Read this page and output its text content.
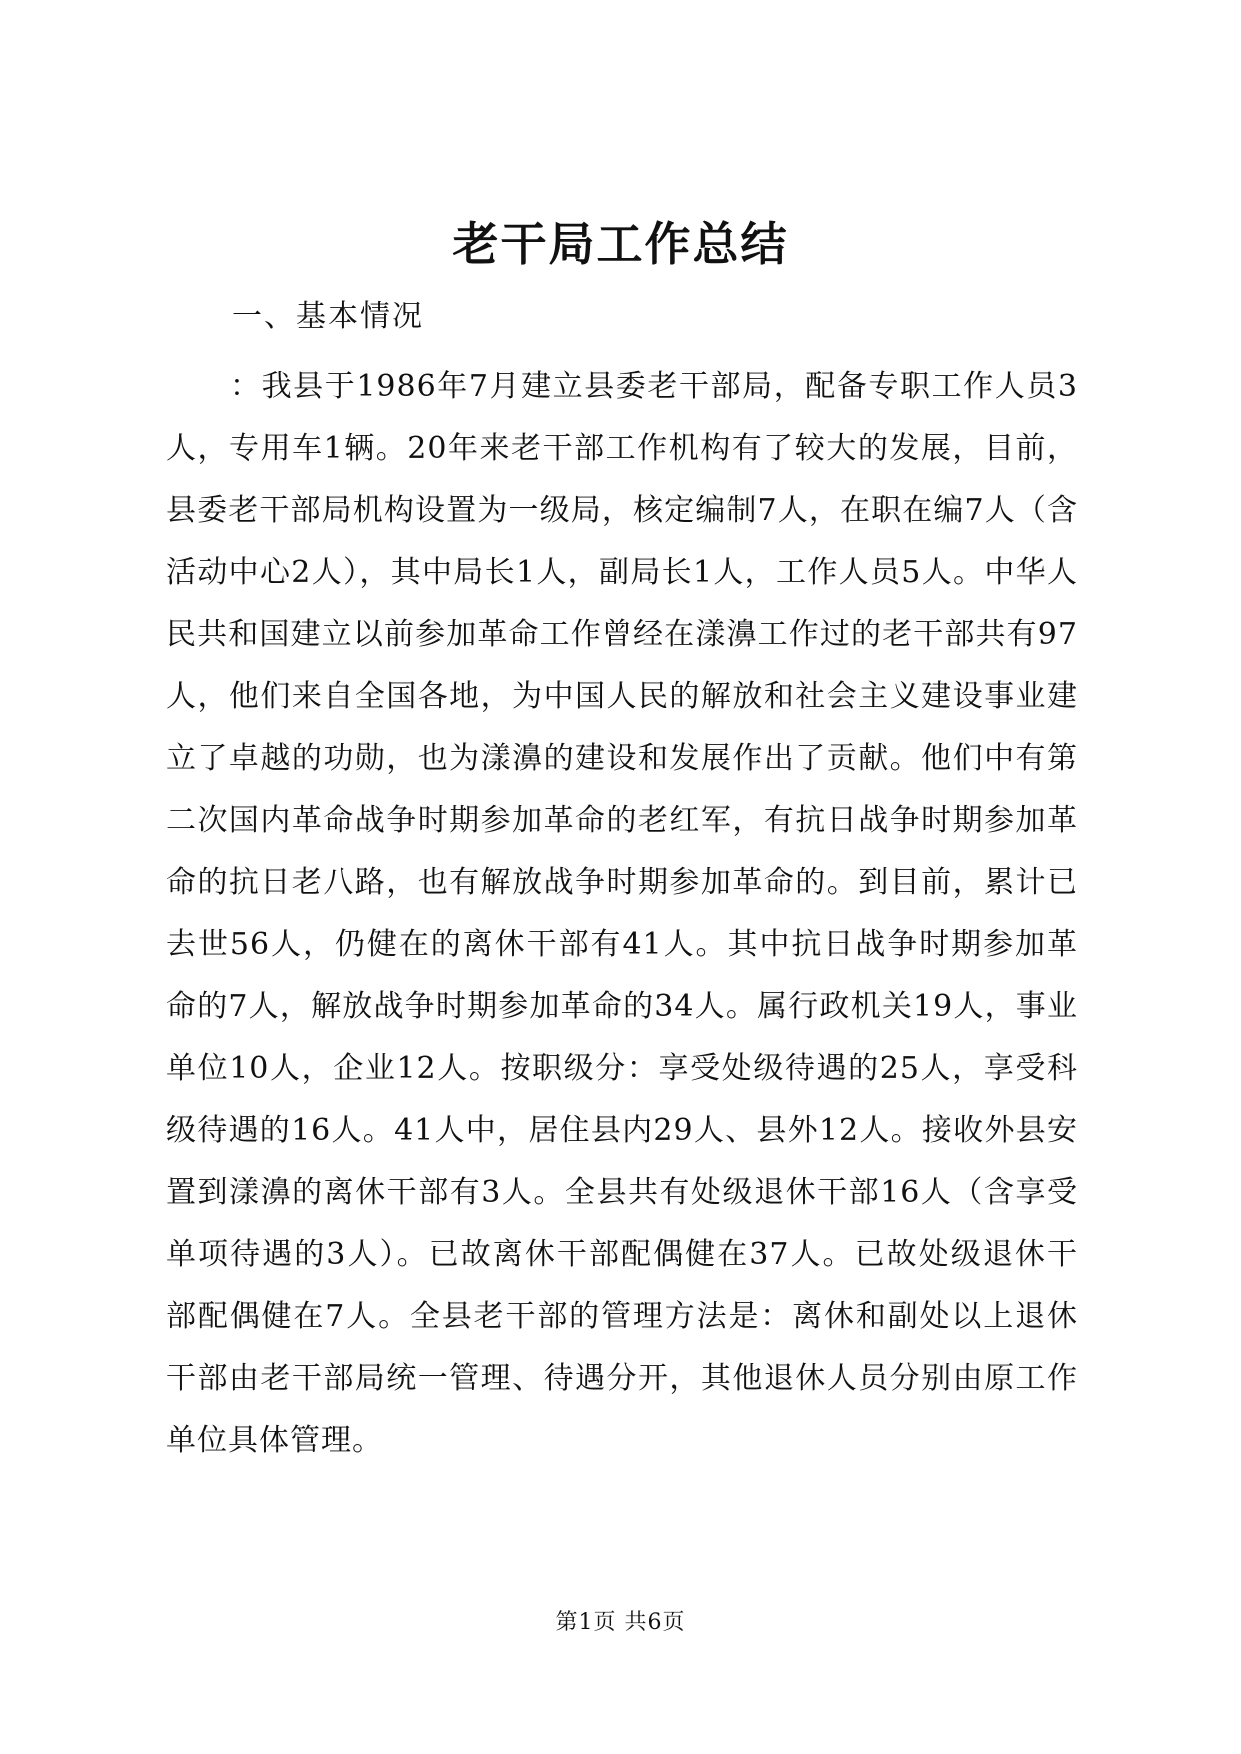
老干局工作总结
一、基本情况

：我县于1986年7月建立县委老干部局，配备专职工作人员3人，专用车1辆。20年来老干部工作机构有了较大的发展，目前，县委老干部局机构设置为一级局，核定编制7人，在职在编7人（含活动中心2人），其中局长1人，副局长1人，工作人员5人。中华人民共和国建立以前参加革命工作曾经在漾濞工作过的老干部共有97人，他们来自全国各地，为中国人民的解放和社会主义建设事业建立了卓越的功勋，也为漾濞的建设和发展作出了贡献。他们中有第二次国内革命战争时期参加革命的老红军，有抗日战争时期参加革命的抗日老八路，也有解放战争时期参加革命的。到目前，累计已去世56人，仍健在的离休干部有41人。其中抗日战争时期参加革命的7人，解放战争时期参加革命的34人。属行政机关19人，事业单位10人，企业12人。按职级分：享受处级待遇的25人，享受科级待遇的16人。41人中，居住县内29人、县外12人。接收外县安置到漾濞的离休干部有3人。全县共有处级退休干部16人（含享受单项待遇的3人）。已故离休干部配偶健在37人。已故处级退休干部配偶健在7人。全县老干部的管理方法是：离休和副处以上退休干部由老干部局统一管理、待遇分开，其他退休人员分别由原工作单位具体管理。

第1页 共6页
